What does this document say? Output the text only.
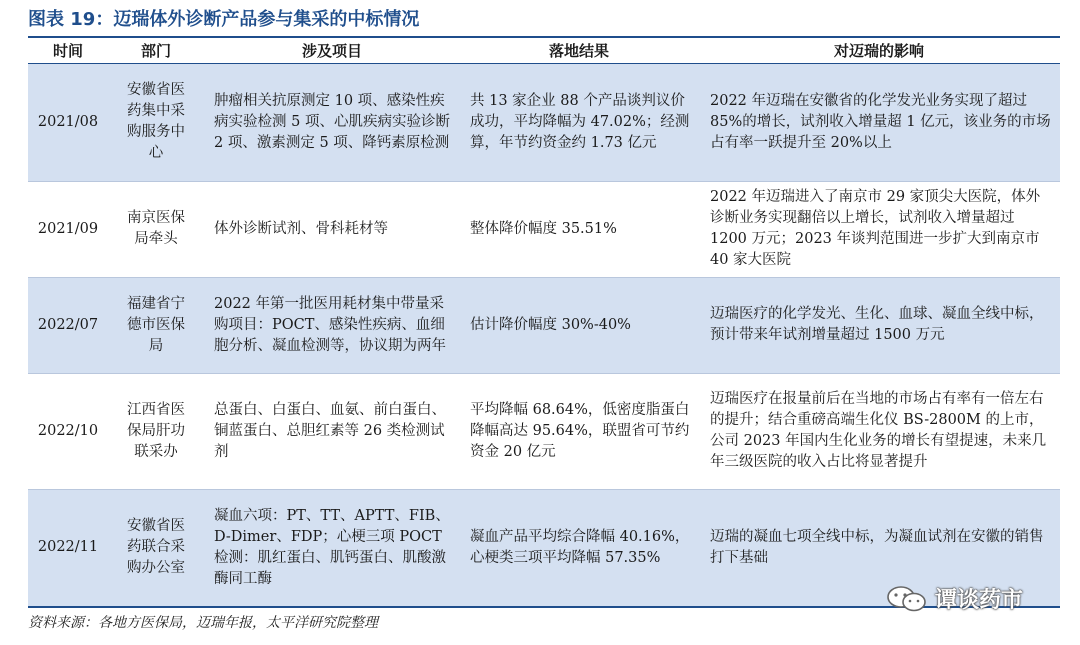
图表 19：迈瑞体外诊断产品参与集采的中标情况
时间	部门	涉及项目	落地结果	对迈瑞的影响
2021/08	安徽省医药集中采购服务中心	肿瘤相关抗原测定 10 项、感染性疾病实验检测 5 项、心肌疾病实验诊断 2 项、激素测定 5 项、降钙素原检测	共 13 家企业 88 个产品谈判议价成功，平均降幅为 47.02%；经测算，年节约资金约 1.73 亿元	2022 年迈瑞在安徽省的化学发光业务实现了超过 85%的增长，试剂收入增量超 1 亿元，该业务的市场占有率一跃提升至 20%以上
2021/09	南京医保局牵头	体外诊断试剂、骨科耗材等	整体降价幅度 35.51%	2022 年迈瑞进入了南京市 29 家顶尖大医院，体外诊断业务实现翻倍以上增长，试剂收入增量超过 1200 万元；2023 年谈判范围进一步扩大到南京市 40 家大医院
2022/07	福建省宁德市医保局	2022 年第一批医用耗材集中带量采购项目：POCT、感染性疾病、血细胞分析、凝血检测等，协议期为两年	估计降价幅度 30%-40%	迈瑞医疗的化学发光、生化、血球、凝血全线中标，预计带来年试剂增量超过 1500 万元
2022/10	江西省医保局肝功联采办	总蛋白、白蛋白、血氨、前白蛋白、铜蓝蛋白、总胆红素等 26 类检测试剂	平均降幅 68.64%，低密度脂蛋白降幅高达 95.64%，联盟省可节约资金 20 亿元	迈瑞医疗在报量前后在当地的市场占有率有一倍左右的提升；结合重磅高端生化仪 BS-2800M 的上市，公司 2023 年国内生化业务的增长有望提速，未来几年三级医院的收入占比将显著提升
2022/11	安徽省医药联合采购办公室	凝血六项：PT、TT、APTT、FIB、D-Dimer、FDP；心梗三项 POCT 检测：肌红蛋白、肌钙蛋白、肌酸激酶同工酶	凝血产品平均综合降幅 40.16%，心梗类三项平均降幅 57.35%	迈瑞的凝血七项全线中标，为凝血试剂在安徽的销售打下基础
资料来源：各地方医保局，迈瑞年报，太平洋研究院整理
谭谈药市
